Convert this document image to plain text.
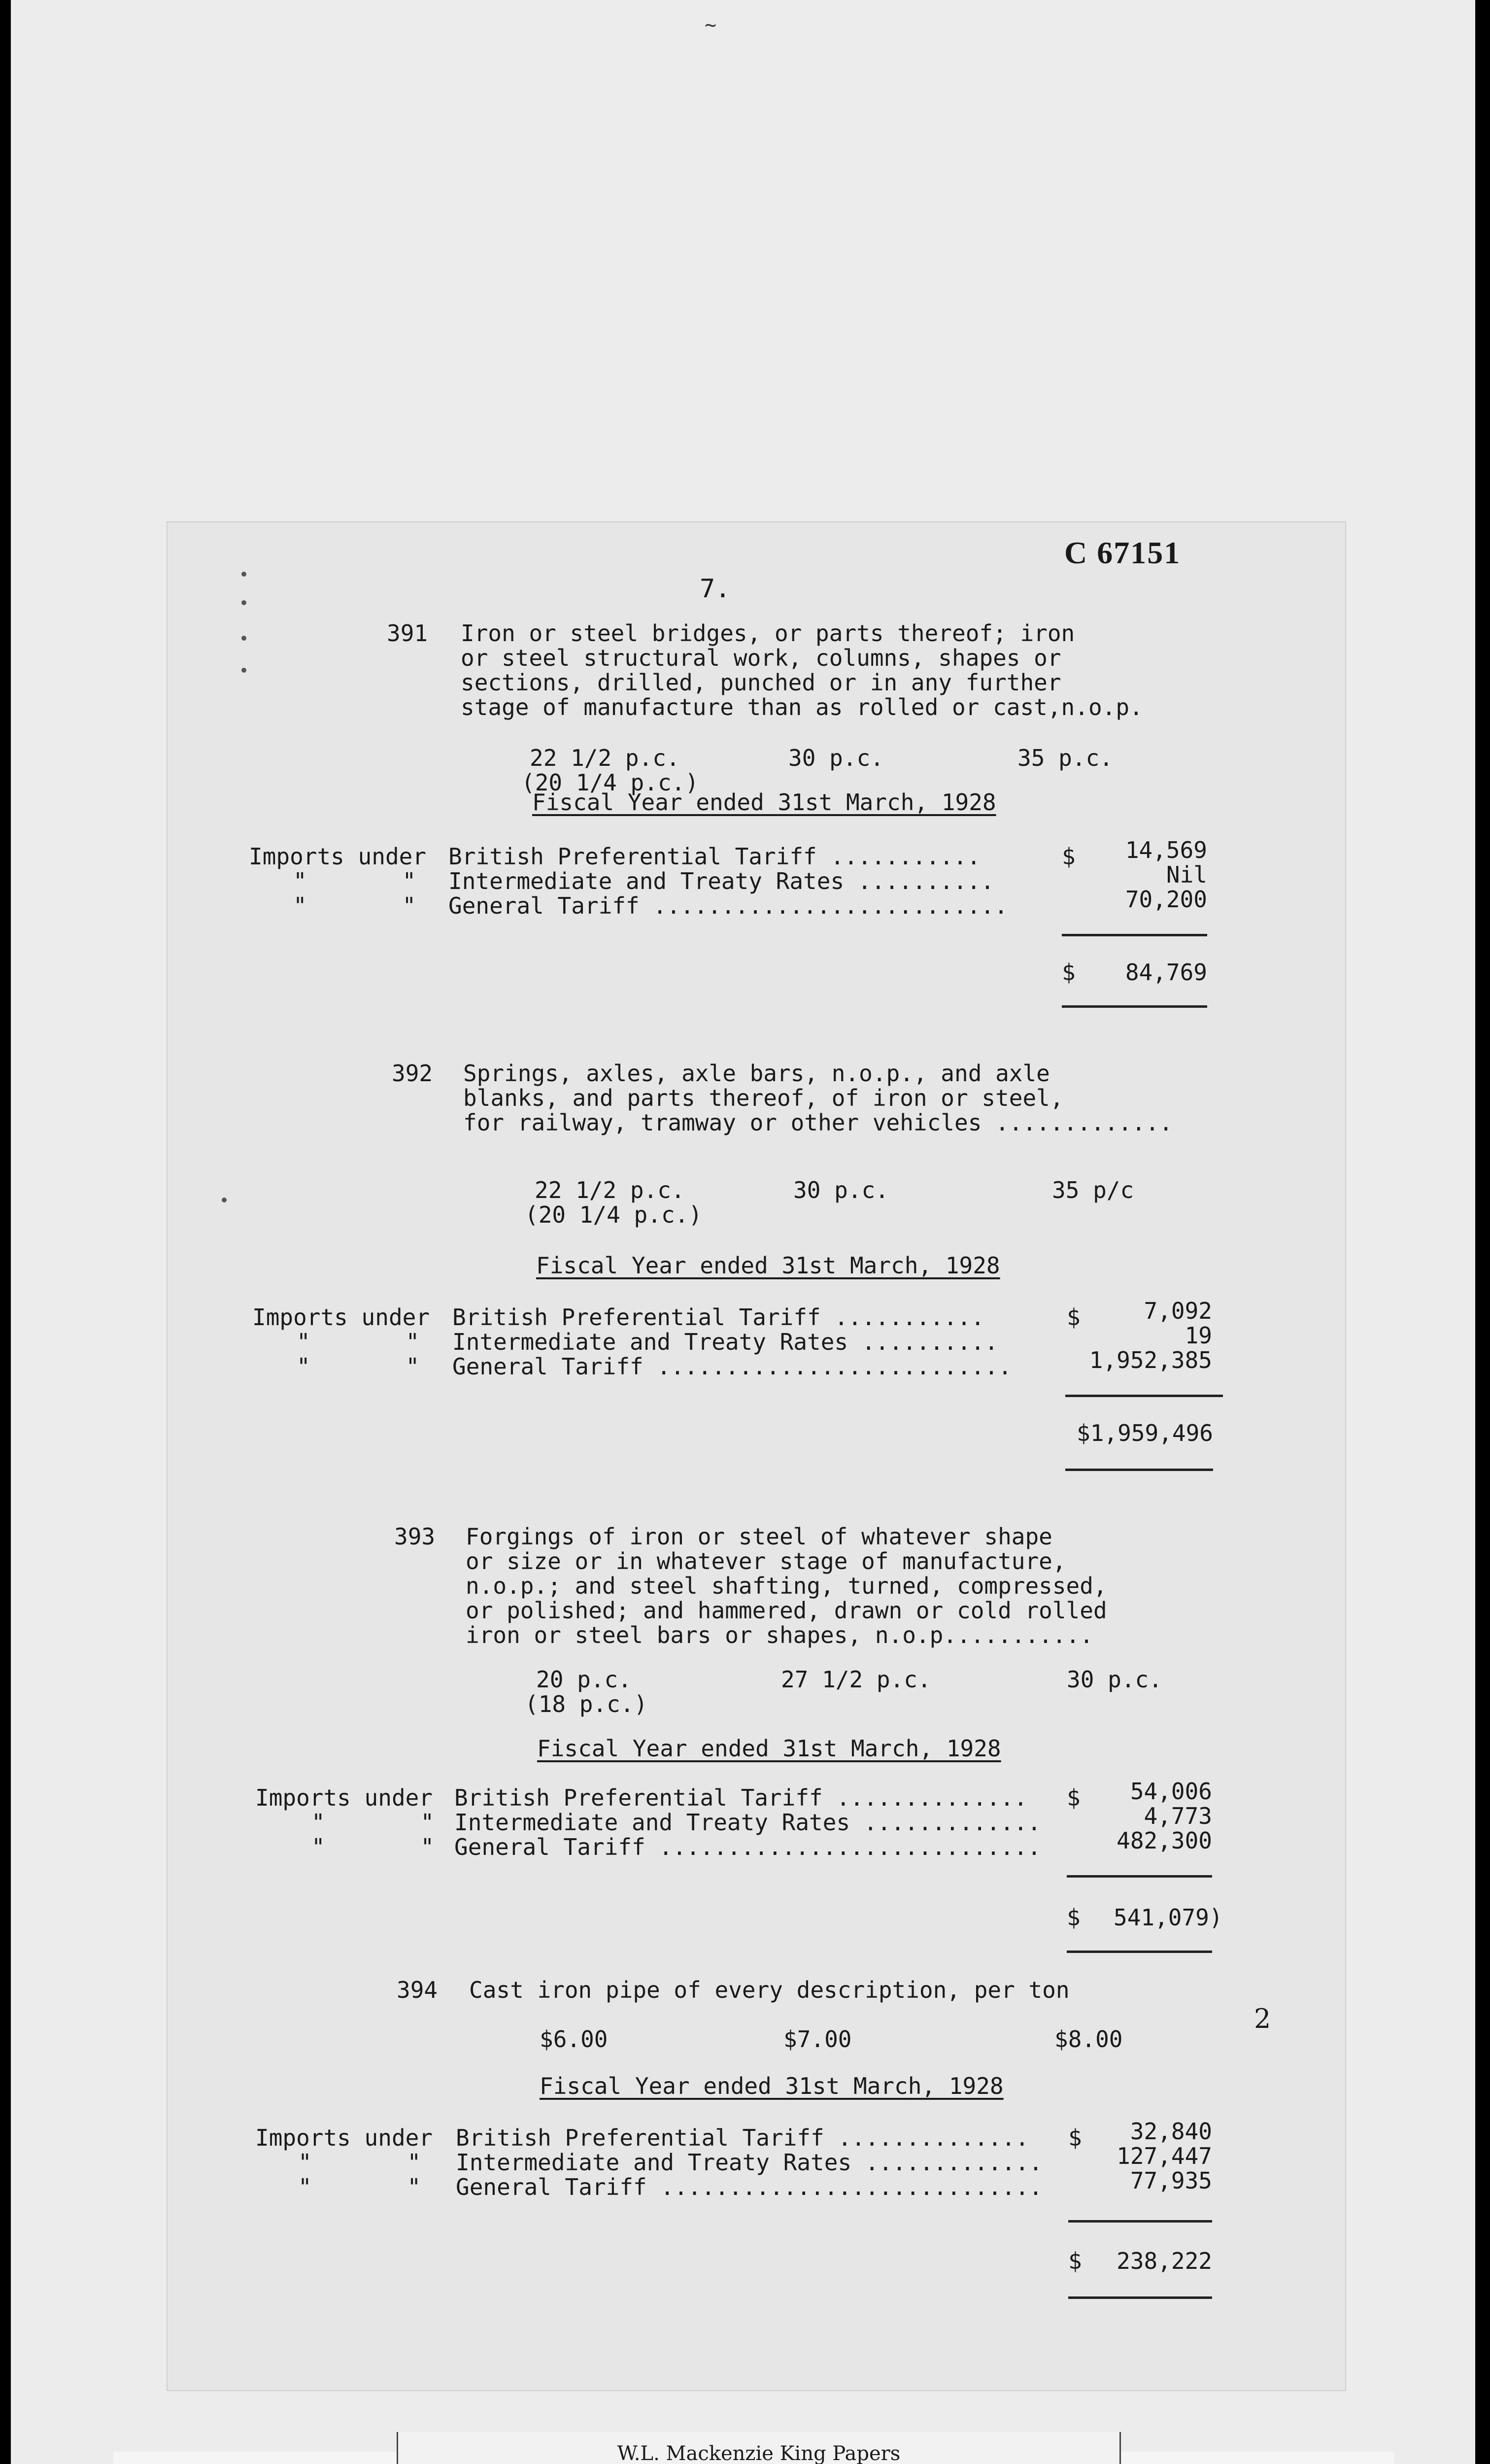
~
C 67151
7.
391 Iron or steel bridges, or parts thereof; iron
or steel structural work, columns, shapes or
sections, drilled, punched or in any further
stage of manufacture than as rolled or cast,n.o.p.
22 1/2 p.c.	30 p.c.	35 p.c.
(20 1/4 p.c.)
Fiscal Year ended 31st March, 1928
Imports under British Preferential Tariff ...........	$	14,569
"       " Intermediate and Treaty Rates ..........	Nil
"       " General Tariff ..........................	70,200
$	84,769
392 Springs, axles, axle bars, n.o.p., and axle
blanks, and parts thereof, of iron or steel,
for railway, tramway or other vehicles .............
22 1/2 p.c.	30 p.c.	35 p/c
(20 1/4 p.c.)
Fiscal Year ended 31st March, 1928
Imports under British Preferential Tariff ...........	$	7,092
"       " Intermediate and Treaty Rates ..........	19
"       " General Tariff ..........................	1,952,385
$1,959,496
393 Forgings of iron or steel of whatever shape
or size or in whatever stage of manufacture,
n.o.p.; and steel shafting, turned, compressed,
or polished; and hammered, drawn or cold rolled
iron or steel bars or shapes, n.o.p...........
20 p.c.	27 1/2 p.c.	30 p.c.
(18 p.c.)
Fiscal Year ended 31st March, 1928
Imports under British Preferential Tariff .............. $	54,006
"       " Intermediate and Treaty Rates .............	4,773
"       " General Tariff ............................	482,300
$ 541,079)
394 Cast iron pipe of every description, per ton
$6.00	$7.00	$8.00
2
Fiscal Year ended 31st March, 1928
Imports under British Preferential Tariff .............. $	32,840
"       " Intermediate and Treaty Rates .............	127,447
"       " General Tariff ............................	77,935
$	238,222
W.L. Mackenzie King Papers
